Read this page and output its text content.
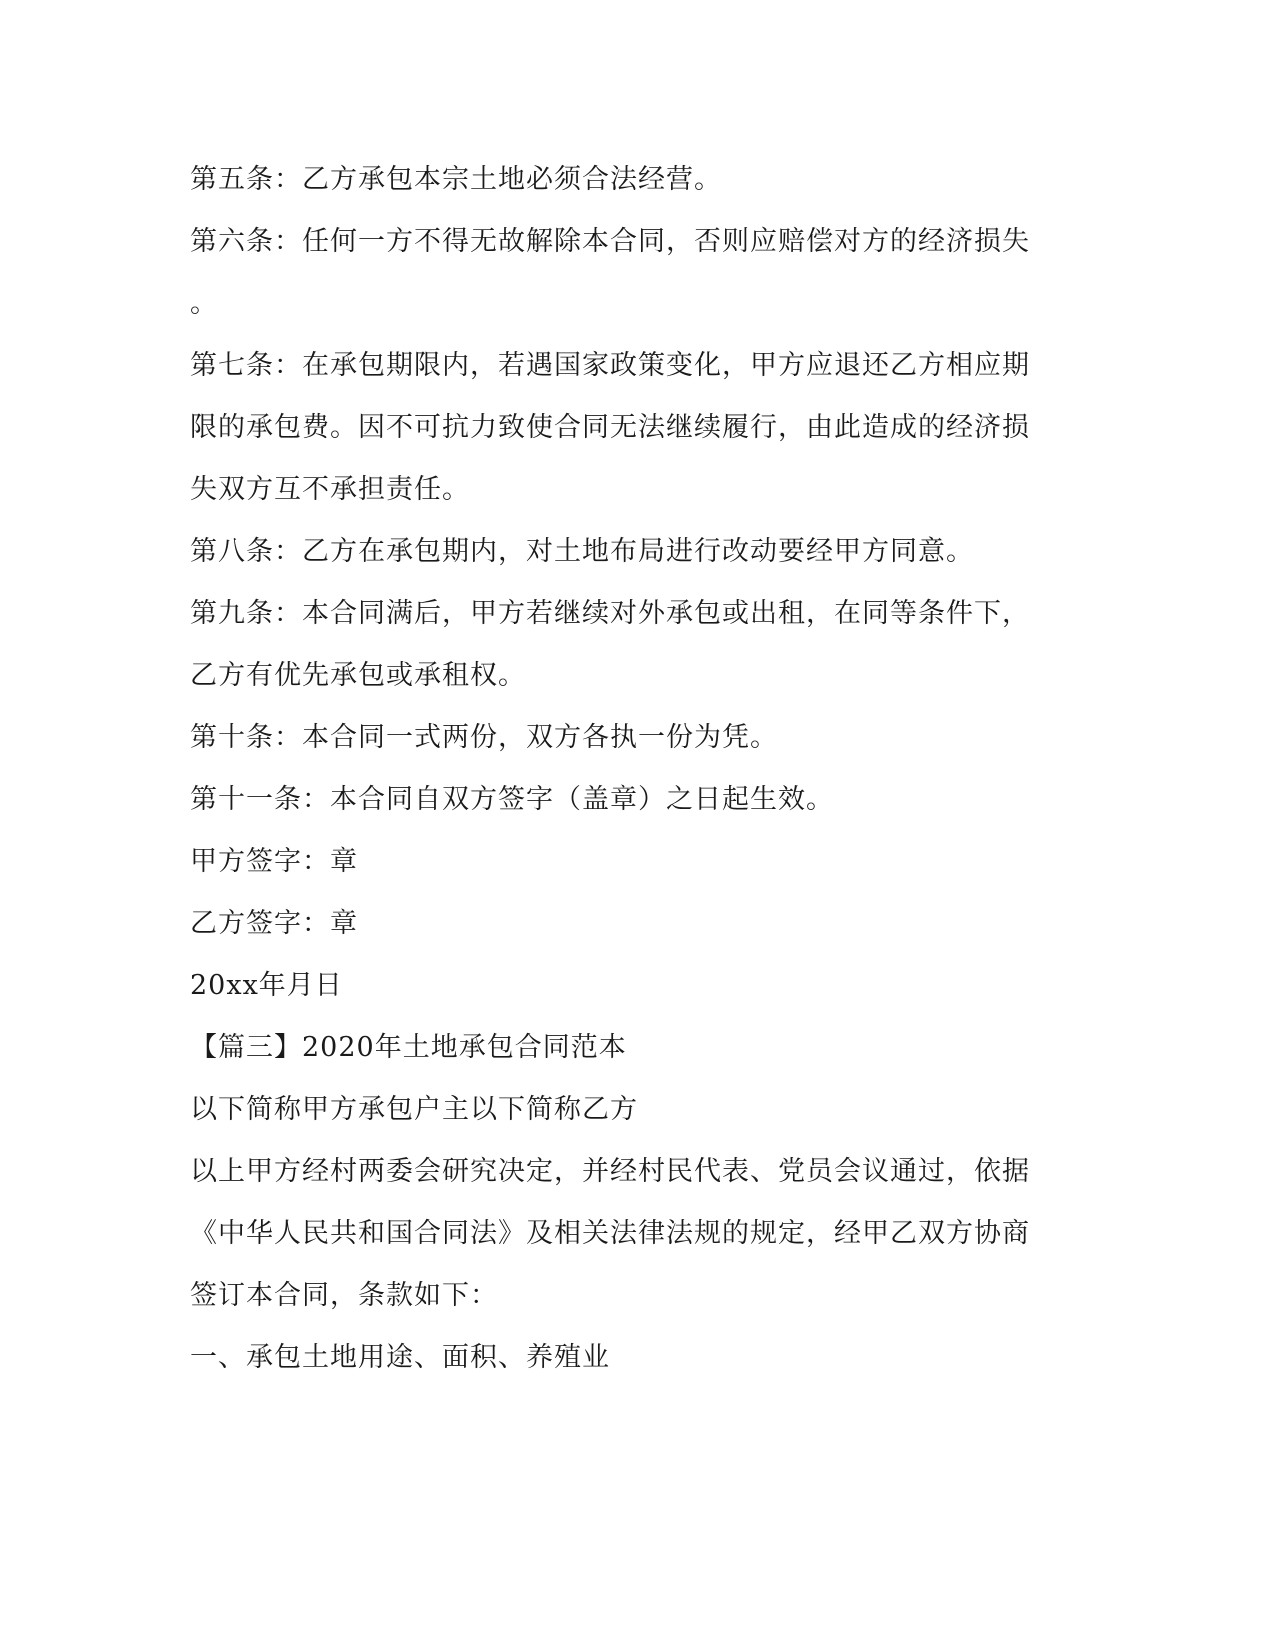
第五条：乙方承包本宗土地必须合法经营。

第六条：任何一方不得无故解除本合同，否则应赔偿对方的经济损失

。

第七条：在承包期限内，若遇国家政策变化，甲方应退还乙方相应期

限的承包费。因不可抗力致使合同无法继续履行，由此造成的经济损

失双方互不承担责任。

第八条：乙方在承包期内，对土地布局进行改动要经甲方同意。

第九条：本合同满后，甲方若继续对外承包或出租，在同等条件下，

乙方有优先承包或承租权。

第十条：本合同一式两份，双方各执一份为凭。

第十一条：本合同自双方签字（盖章）之日起生效。

甲方签字：章

乙方签字：章

20xx年月日

【篇三】2020年土地承包合同范本

以下简称甲方承包户主以下简称乙方

以上甲方经村两委会研究决定，并经村民代表、党员会议通过，依据

《中华人民共和国合同法》及相关法律法规的规定，经甲乙双方协商

签订本合同，条款如下：

一、承包土地用途、面积、养殖业
